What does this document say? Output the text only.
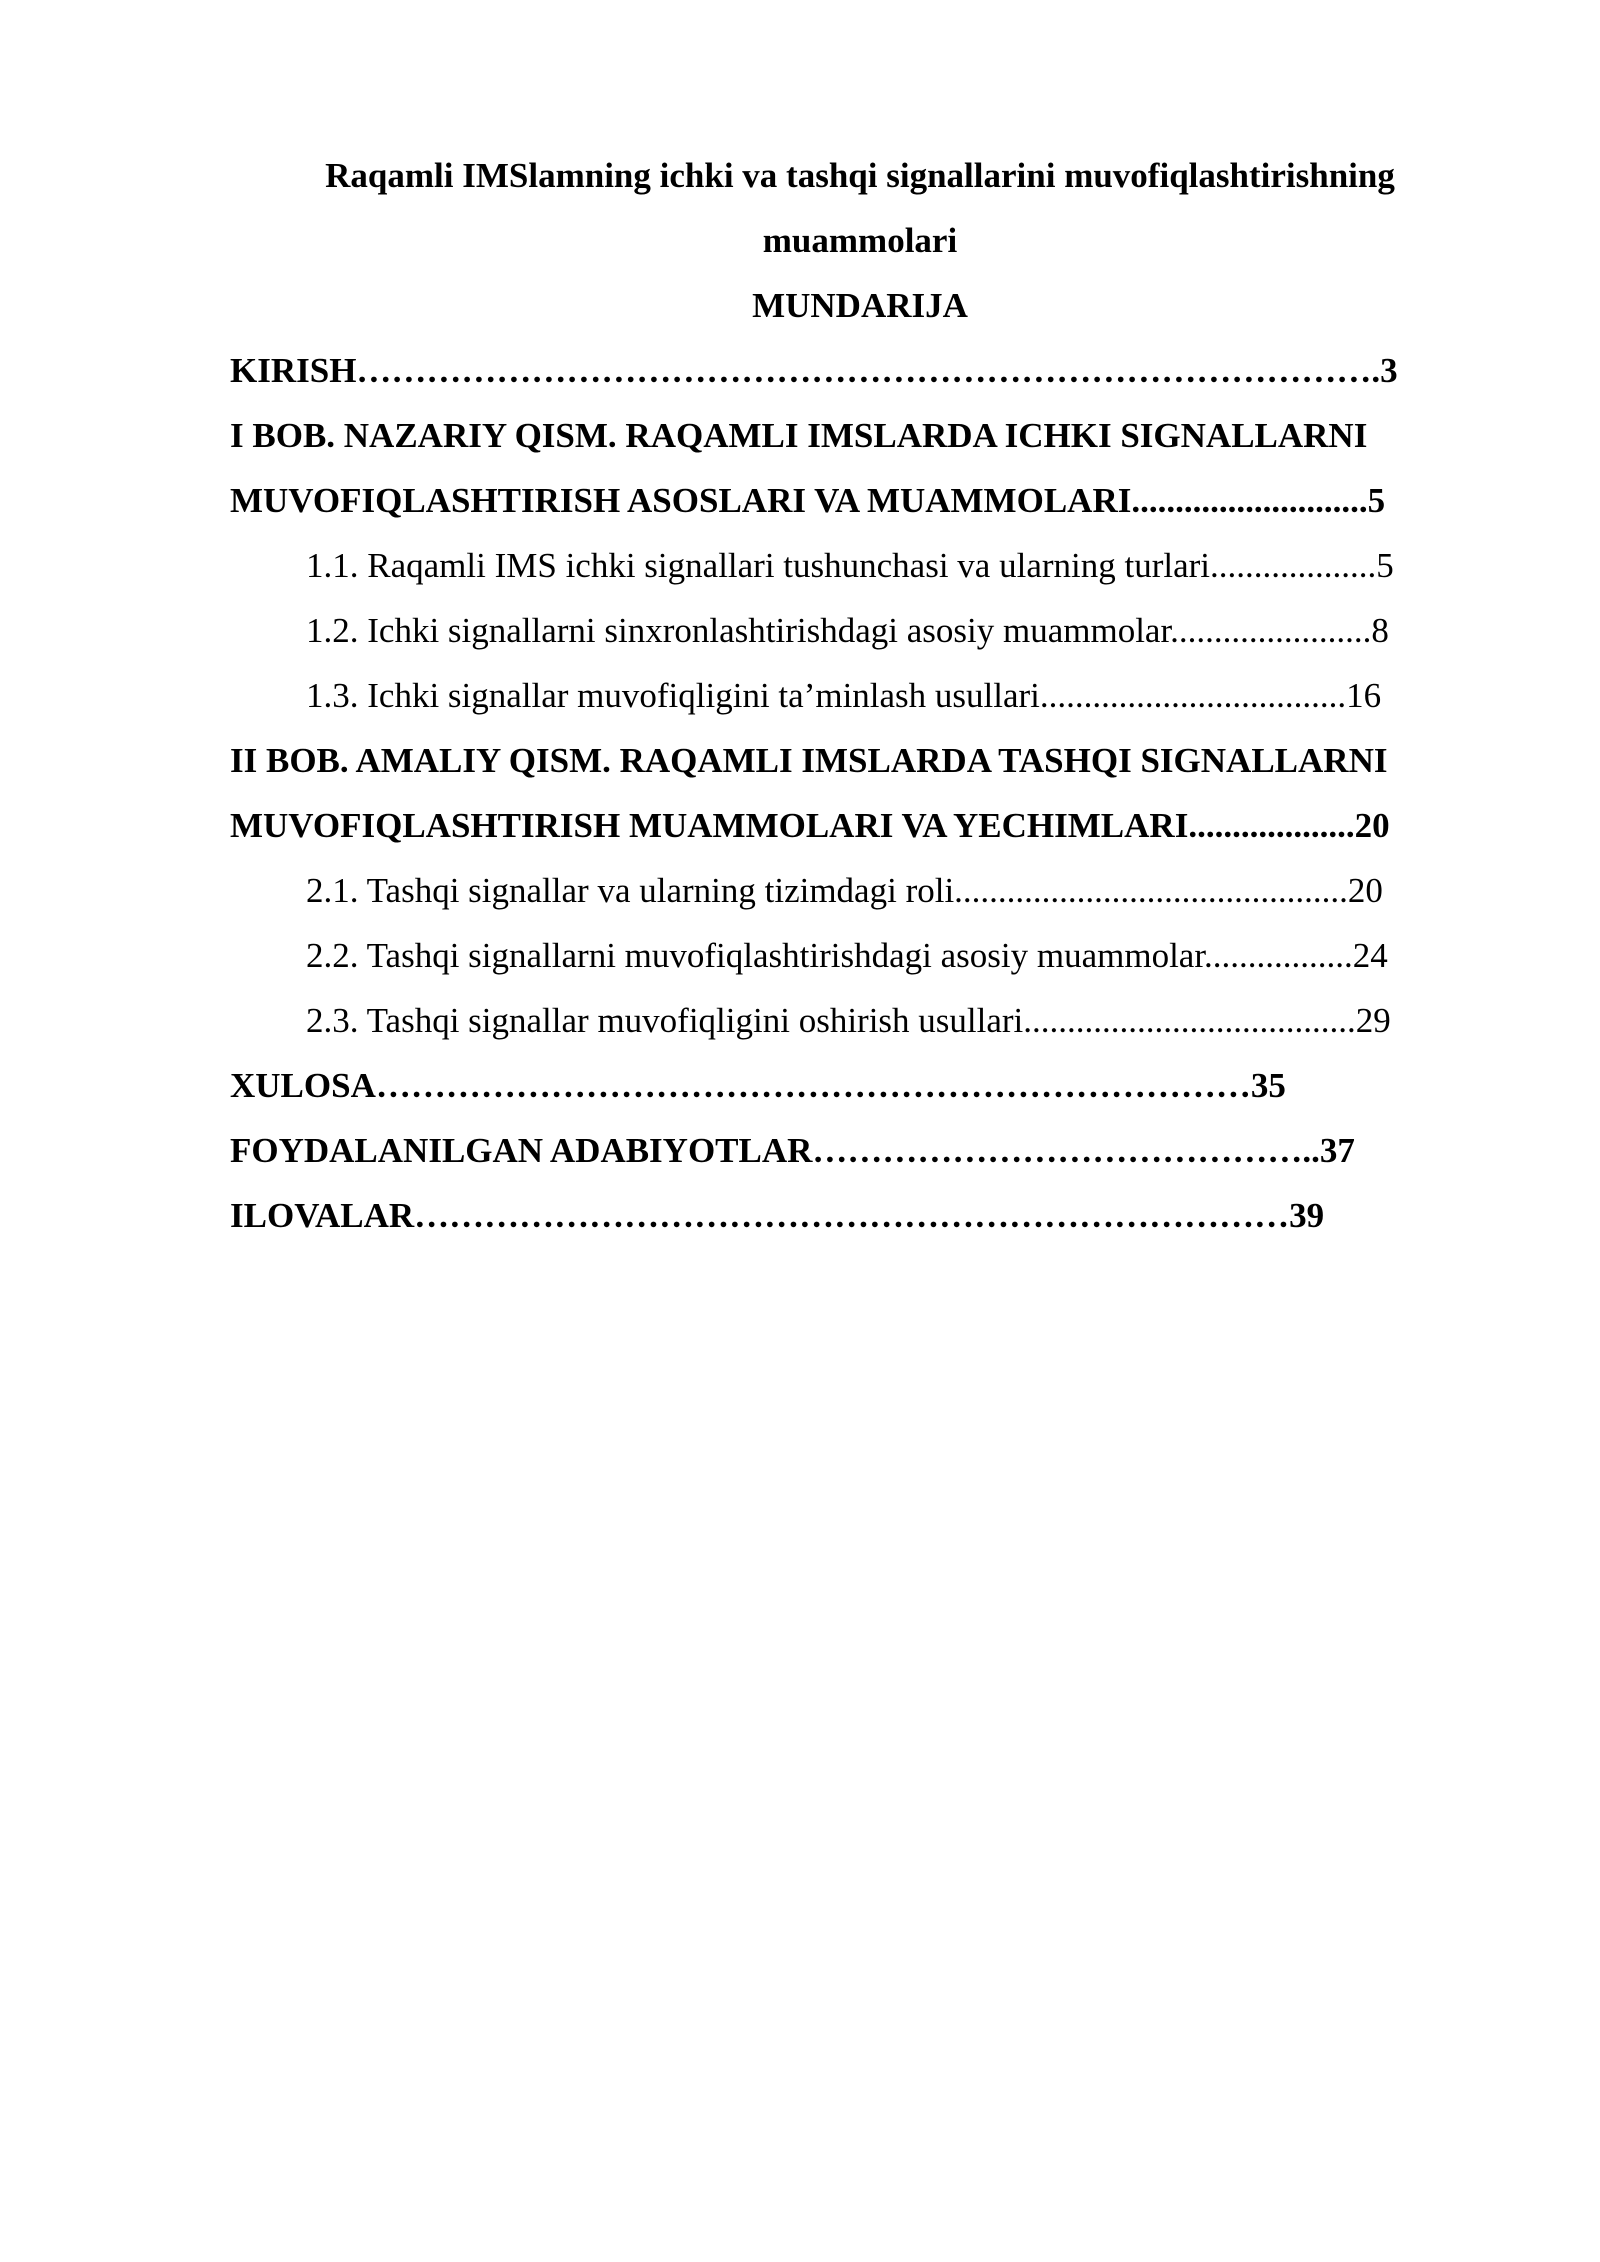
Raqamli IMSlamning ichki va tashqi signallarini muvofiqlashtirishning
muammolari
MUNDARIJA
KIRISH…………………………………………………………………………….3
I BOB. NAZARIY QISM. RAQAMLI IMSLARDA ICHKI SIGNALLARNI
MUVOFIQLASHTIRISH ASOSLARI VA MUAMMOLARI...........................5
1.1. Raqamli IMS ichki signallari tushunchasi va ularning turlari...................5
1.2. Ichki signallarni sinxronlashtirishdagi asosiy muammolar.......................8
1.3. Ichki signallar muvofiqligini ta’minlash usullari...................................16
II BOB. AMALIY QISM. RAQAMLI IMSLARDA TASHQI SIGNALLARNI
MUVOFIQLASHTIRISH MUAMMOLARI VA YECHIMLARI...................20
2.1. Tashqi signallar va ularning tizimdagi roli.............................................20
2.2. Tashqi signallarni muvofiqlashtirishdagi asosiy muammolar.................24
2.3. Tashqi signallar muvofiqligini oshirish usullari......................................29
XULOSA…………………………………………………………………35
FOYDALANILGAN ADABIYOTLAR……………………………………..37
ILOVALAR…………………………………………………………………39
